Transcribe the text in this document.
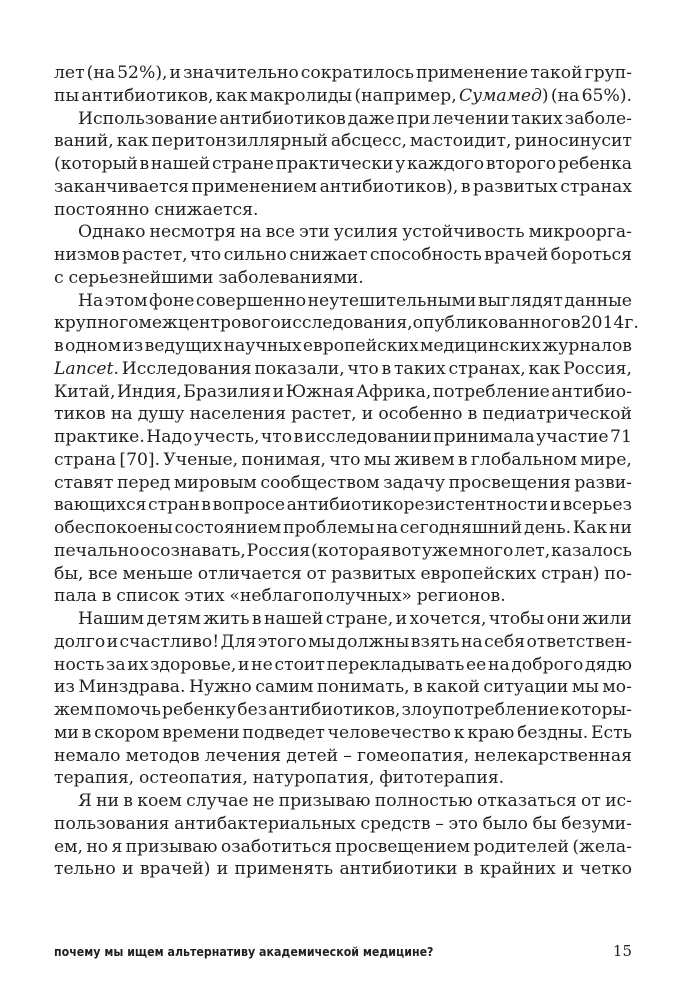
лет (на 52%), и значительно сократилось применение такой груп-
пы антибиотиков, как макролиды (например, Сумамед) (на 65%).
Использование антибиотиков даже при лечении таких заболе-
ваний, как перитонзиллярный абсцесс, мастоидит, риносинусит
(который в нашей стране практически у каждого второго ребенка
заканчивается применением антибиотиков), в развитых странах
постоянно снижается.
Однако несмотря на все эти усилия устойчивость микроорга-
низмов растет, что сильно снижает способность врачей бороться
с серьезнейшими заболеваниями.
На этом фоне совершенно неутешительными выглядят данные
крупного межцентрового исследования, опубликованного в 2014 г.
в одном из ведущих научных европейских медицинских журналов
Lancet. Исследования показали, что в таких странах, как Россия,
Китай, Индия, Бразилия и Южная Африка, потребление антибио-
тиков на душу населения растет, и особенно в педиатрической
практике. Надо учесть, что в исследовании принимала участие 71
страна [70]. Ученые, понимая, что мы живем в глобальном мире,
ставят перед мировым сообществом задачу просвещения разви-
вающихся стран в вопросе антибиотикорезистентности и всерьез
обеспокоены состоянием проблемы на сегодняшний день. Как ни
печально осознавать, Россия (которая вот уже много лет, казалось
бы, все меньше отличается от развитых европейских стран) по-
пала в список этих «неблагополучных» регионов.
Нашим детям жить в нашей стране, и хочется, чтобы они жили
долго и счастливо! Для этого мы должны взять на себя ответствен-
ность за их здоровье, и не стоит перекладывать ее на доброго дядю
из Минздрава. Нужно самим понимать, в какой ситуации мы мо-
жем помочь ребенку без антибиотиков, злоупотребление которы-
ми в скором времени подведет человечество к краю бездны. Есть
немало методов лечения детей – гомеопатия, нелекарственная
терапия, остеопатия, натуропатия, фитотерапия.
Я ни в коем случае не призываю полностью отказаться от ис-
пользования антибактериальных средств – это было бы безуми-
ем, но я призываю озаботиться просвещением родителей (жела-
тельно и врачей) и применять антибиотики в крайних и четко
почему мы ищем альтернативу академической медицине?	15
